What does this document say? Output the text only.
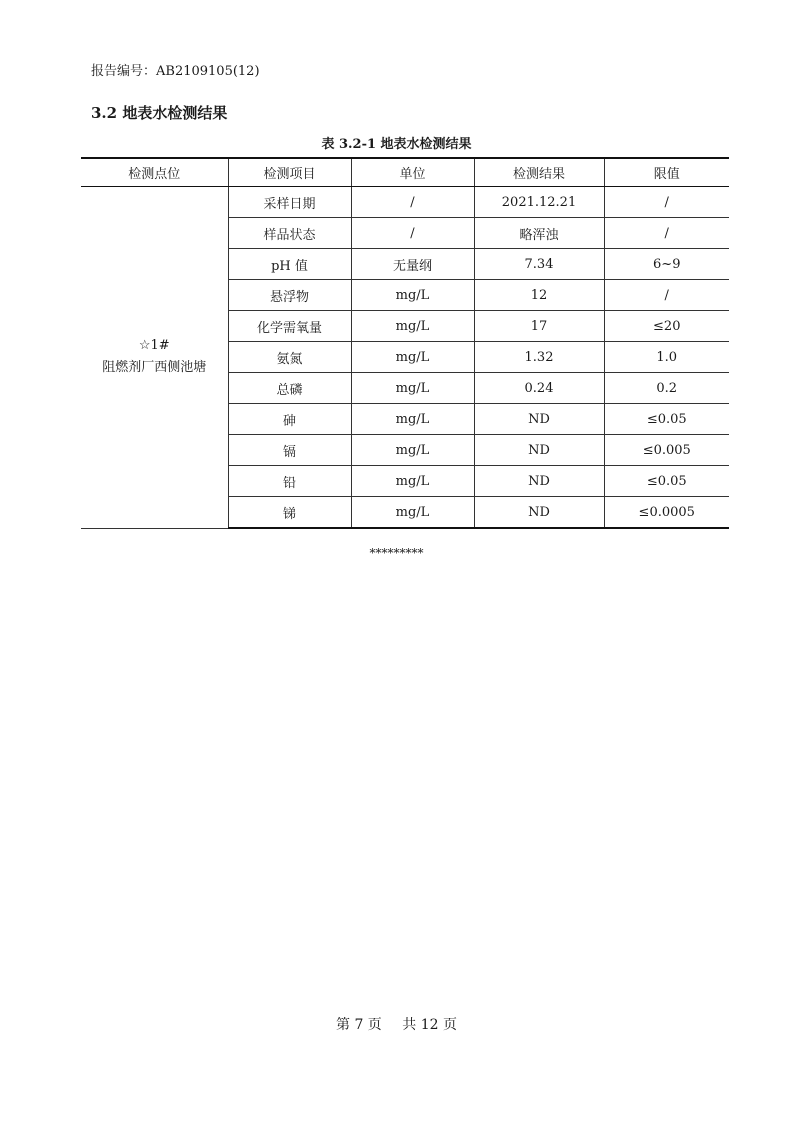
报告编号：AB2109105(12)
3.2 地表水检测结果
表 3.2-1 地表水检测结果
检测点位	检测项目	单位	检测结果	限值

☆1#
阻燃剂厂西侧池塘	采样日期	/	2021.12.21	/
	样品状态	/	略浑浊	/
	pH 值	无量纲	7.34	6~9
	悬浮物	mg/L	12	/
	化学需氧量	mg/L	17	≤20
	氨氮	mg/L	1.32	1.0
	总磷	mg/L	0.24	0.2
	砷	mg/L	ND	≤0.05
	镉	mg/L	ND	≤0.005
	铅	mg/L	ND	≤0.05
	锑	mg/L	ND	≤0.0005
*********
第 7 页 共 12 页
